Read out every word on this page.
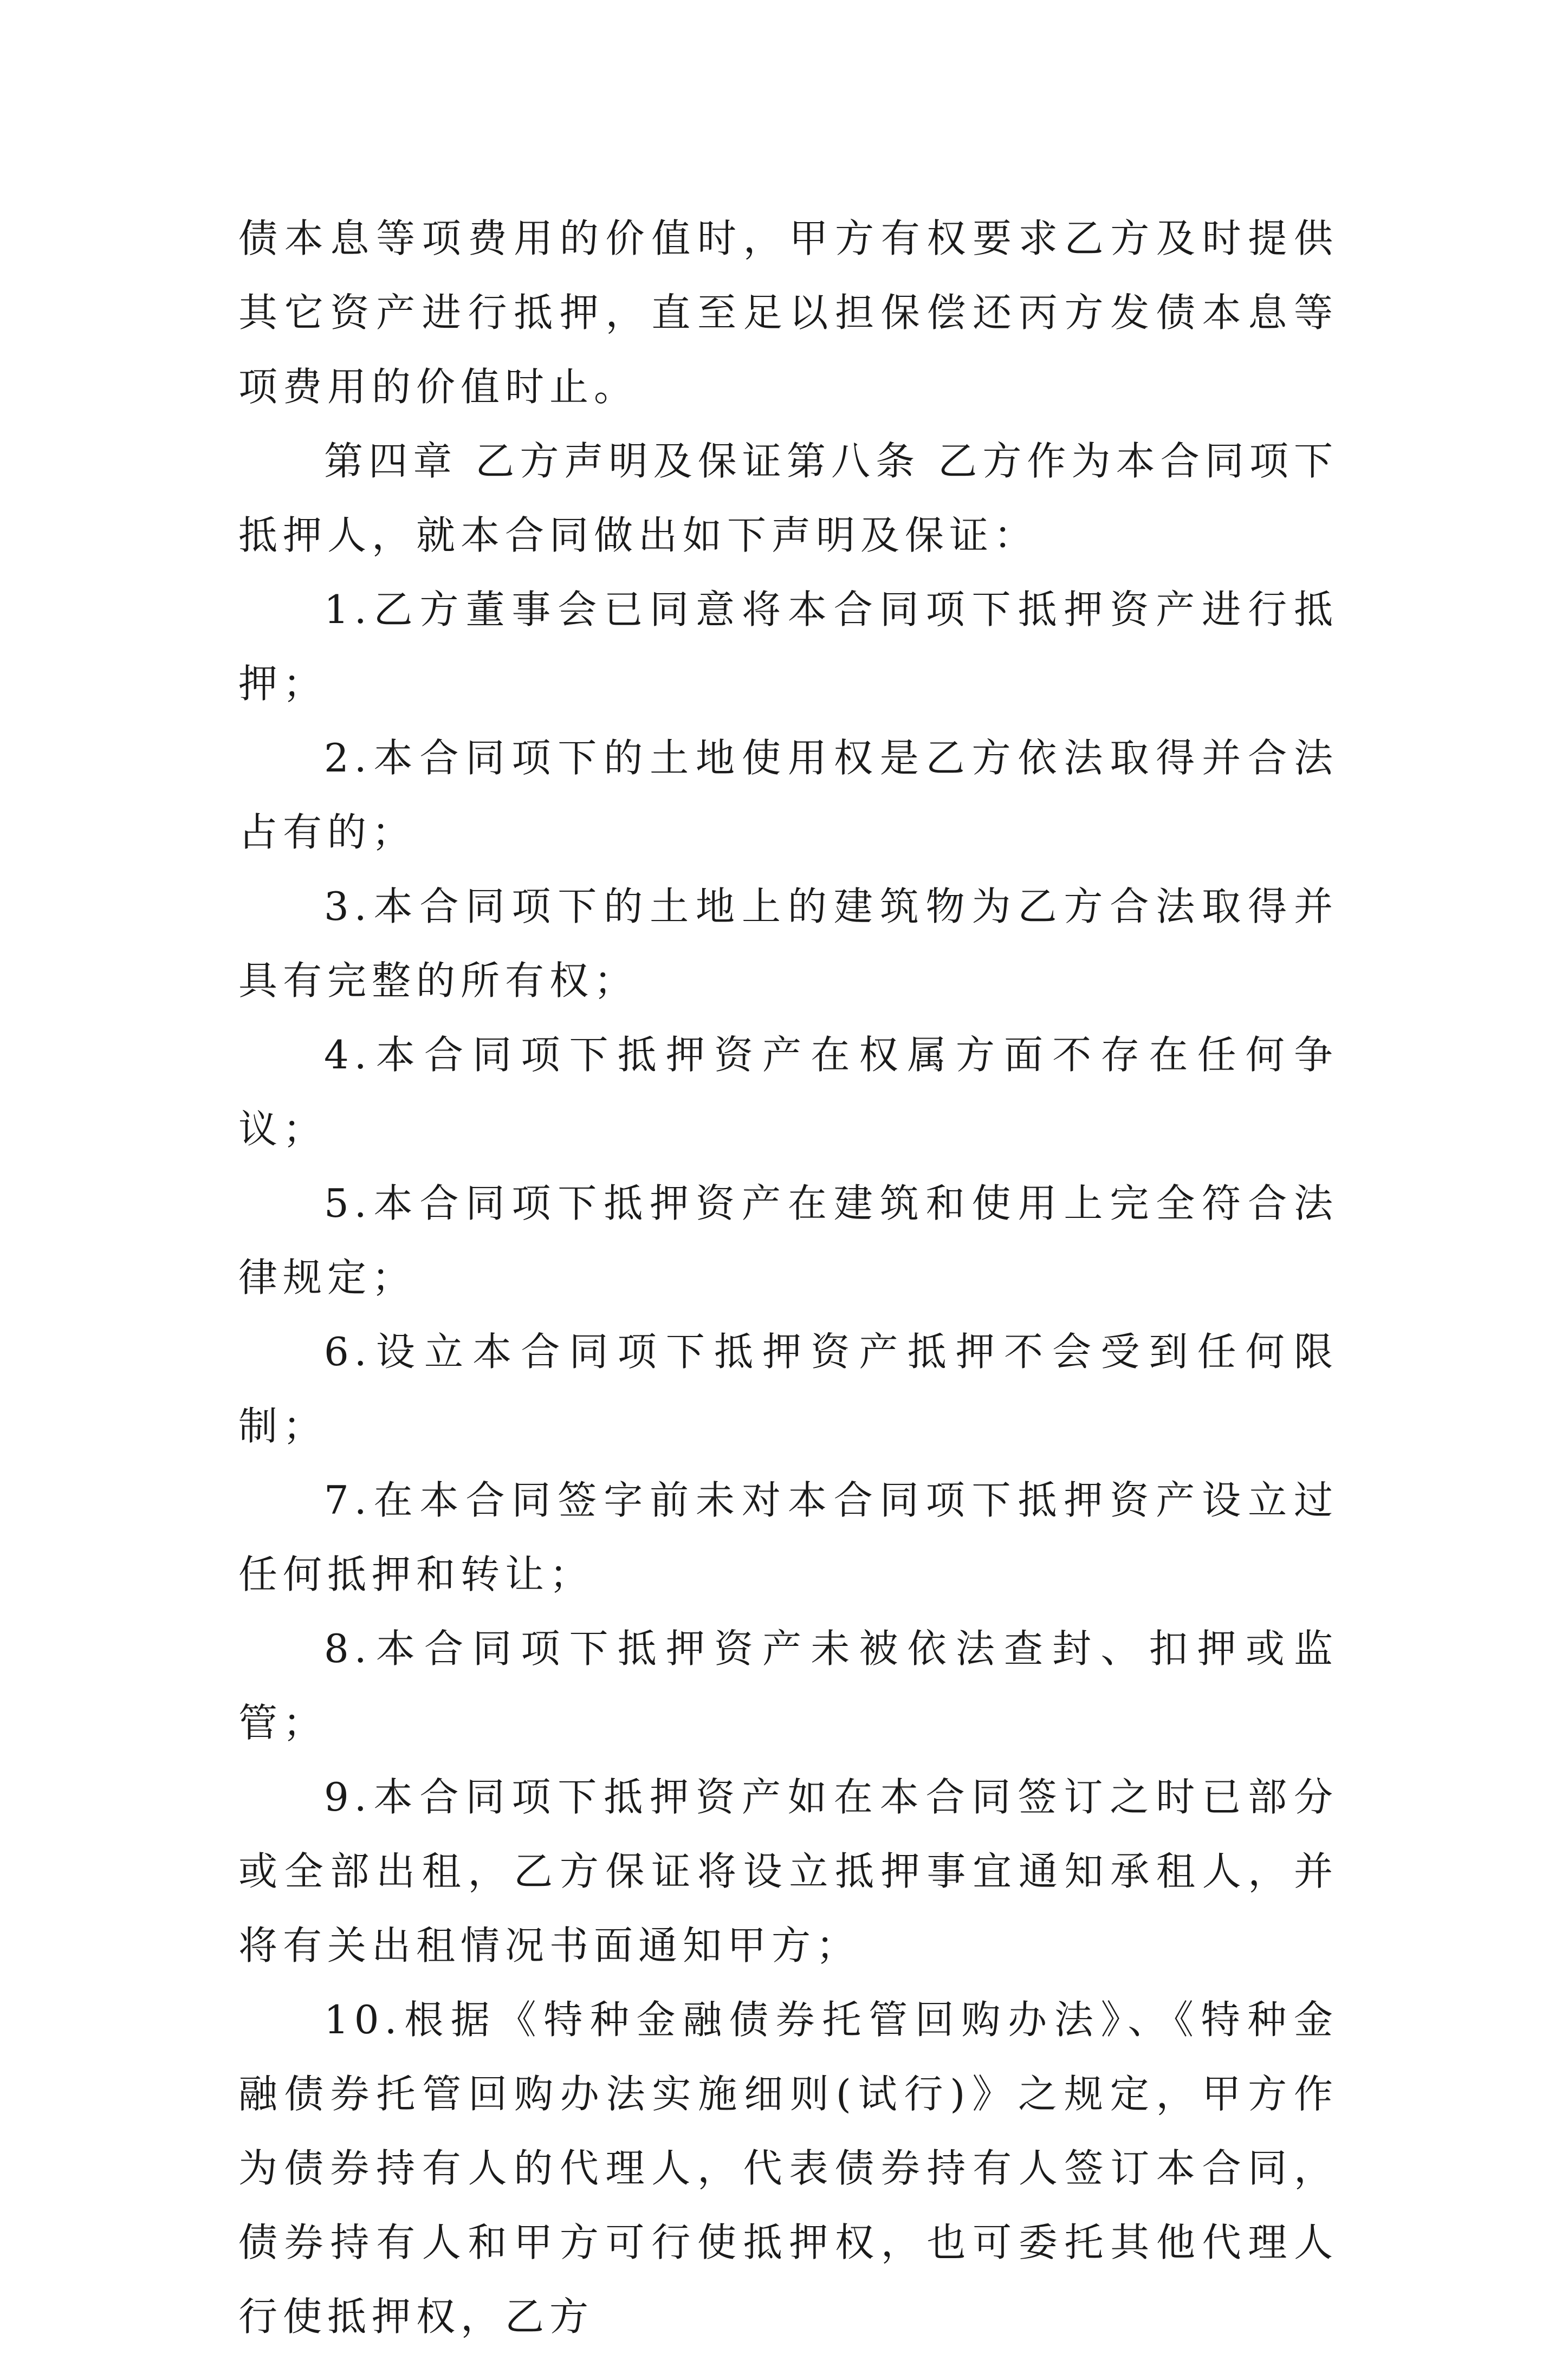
债本息等项费用的价值时，甲方有权要求乙方及时提供其它资产进行抵押，直至足以担保偿还丙方发债本息等项费用的价值时止。

第四章 乙方声明及保证第八条 乙方作为本合同项下抵押人，就本合同做出如下声明及保证：

1.乙方董事会已同意将本合同项下抵押资产进行抵押；

2.本合同项下的土地使用权是乙方依法取得并合法占有的；

3.本合同项下的土地上的建筑物为乙方合法取得并具有完整的所有权；

4.本合同项下抵押资产在权属方面不存在任何争议；

5.本合同项下抵押资产在建筑和使用上完全符合法律规定；

6.设立本合同项下抵押资产抵押不会受到任何限制；

7.在本合同签字前未对本合同项下抵押资产设立过任何抵押和转让；

8.本合同项下抵押资产未被依法查封、扣押或监管；

9.本合同项下抵押资产如在本合同签订之时已部分或全部出租，乙方保证将设立抵押事宜通知承租人，并将有关出租情况书面通知甲方；

10.根据《特种金融债券托管回购办法》、《特种金融债券托管回购办法实施细则(试行)》之规定，甲方作为债券持有人的代理人，代表债券持有人签订本合同，债券持有人和甲方可行使抵押权，也可委托其他代理人行使抵押权，乙方
